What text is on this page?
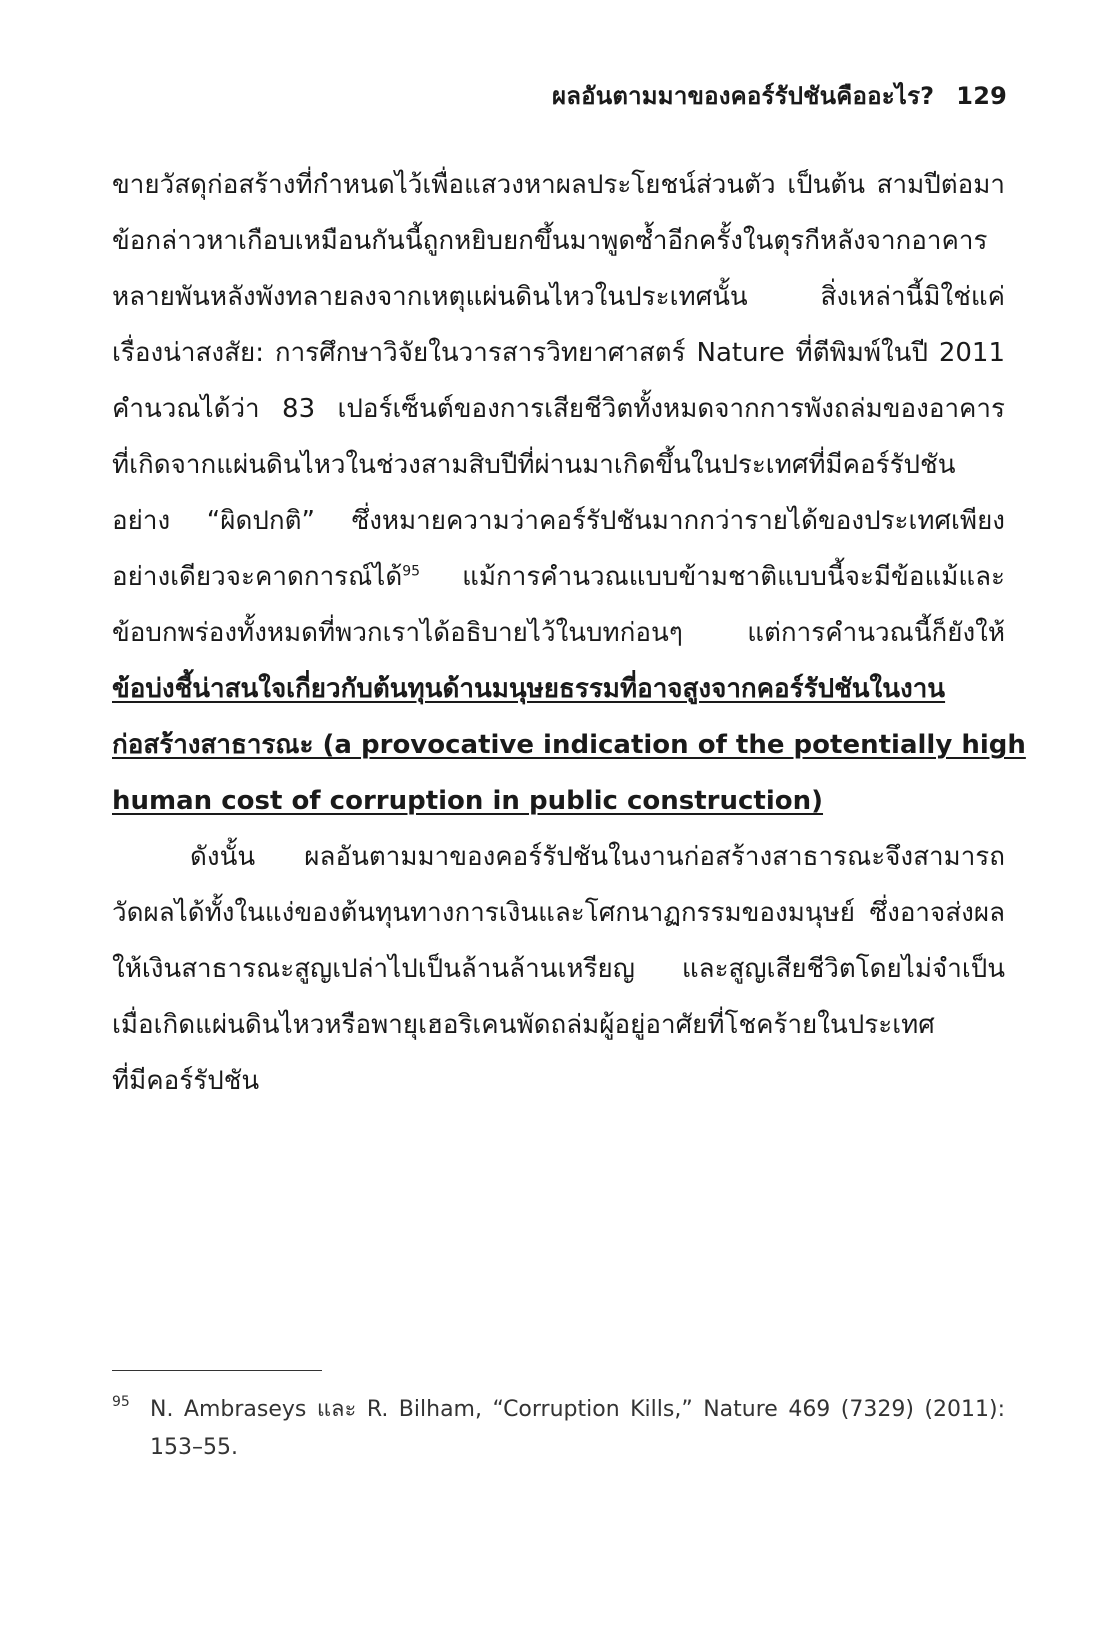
ผลอันตามมาของคอร์รัปชันคืออะไร? 129
ขายวัสดุก่อสร้างที่กำหนดไว้เพื่อแสวงหาผลประโยชน์ส่วนตัว เป็นต้น สามปีต่อมา
ข้อกล่าวหาเกือบเหมือนกันนี้ถูกหยิบยกขึ้นมาพูดซ้ำอีกครั้งในตุรกีหลังจากอาคาร
หลายพันหลังพังทลายลงจากเหตุแผ่นดินไหวในประเทศนั้น สิ่งเหล่านี้มิใช่แค่
เรื่องน่าสงสัย: การศึกษาวิจัยในวารสารวิทยาศาสตร์ Nature ที่ตีพิมพ์ในปี 2011
คำนวณได้ว่า 83 เปอร์เซ็นต์ของการเสียชีวิตทั้งหมดจากการพังถล่มของอาคาร
ที่เกิดจากแผ่นดินไหวในช่วงสามสิบปีที่ผ่านมาเกิดขึ้นในประเทศที่มีคอร์รัปชัน
อย่าง “ผิดปกติ” ซึ่งหมายความว่าคอร์รัปชันมากกว่ารายได้ของประเทศเพียง
อย่างเดียวจะคาดการณ์ได้$^{95}$ แม้การคำนวณแบบข้ามชาติแบบนี้จะมีข้อแม้และ
ข้อบกพร่องทั้งหมดที่พวกเราได้อธิบายไว้ในบทก่อนๆ แต่การคำนวณนี้ก็ยังให้
ข้อบ่งชี้น่าสนใจเกี่ยวกับต้นทุนด้านมนุษยธรรมที่อาจสูงจากคอร์รัปชันในงาน
ก่อสร้างสาธารณะ (a provocative indication of the potentially high
human cost of corruption in public construction)
ดังนั้น ผลอันตามมาของคอร์รัปชันในงานก่อสร้างสาธารณะจึงสามารถ
วัดผลได้ทั้งในแง่ของต้นทุนทางการเงินและโศกนาฏกรรมของมนุษย์ ซึ่งอาจส่งผล
ให้เงินสาธารณะสูญเปล่าไปเป็นล้านล้านเหรียญ และสูญเสียชีวิตโดยไม่จำเป็น
เมื่อเกิดแผ่นดินไหวหรือพายุเฮอริเคนพัดถล่มผู้อยู่อาศัยที่โชคร้ายในประเทศ
ที่มีคอร์รัปชัน
95 N. Ambraseys และ R. Bilham, “Corruption Kills,” Nature 469 (7329) (2011):
153–55.
